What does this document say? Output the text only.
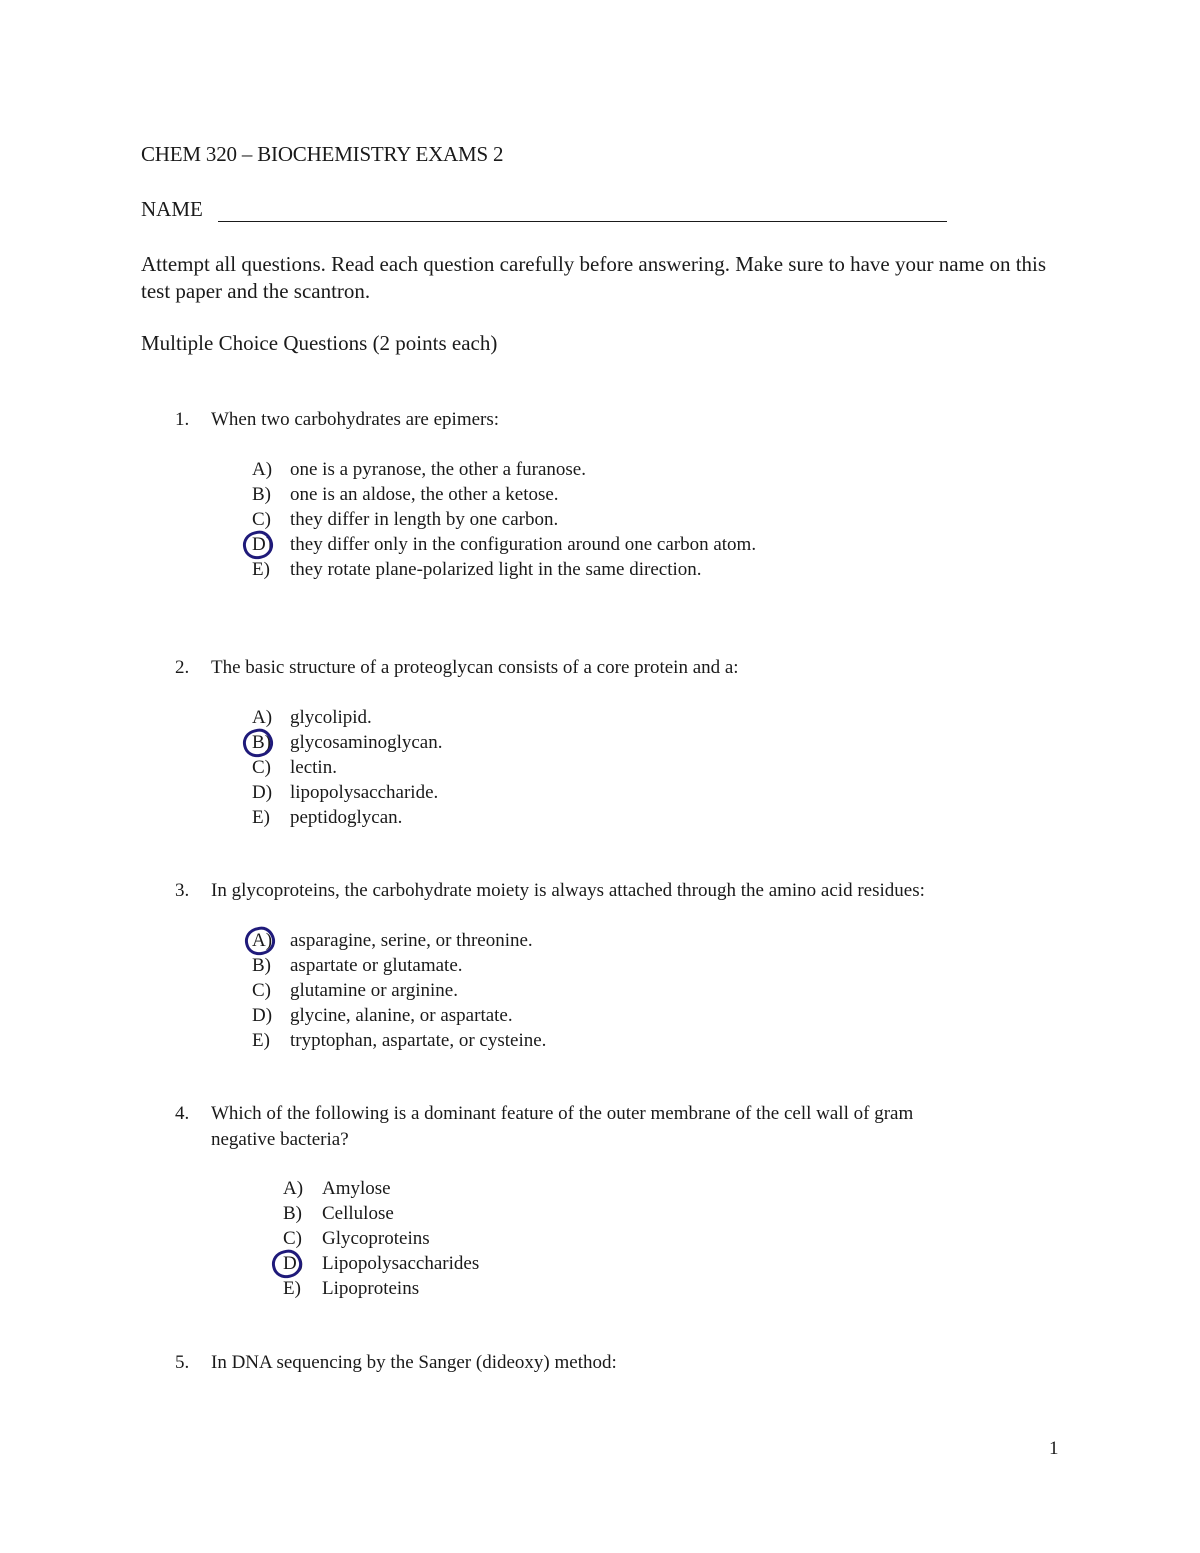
CHEM 320 – BIOCHEMISTRY EXAMS 2
NAME
Attempt all questions. Read each question carefully before answering. Make sure to have your name on this test paper and the scantron.
Multiple Choice Questions (2 points each)
1. When two carbohydrates are epimers:
A) one is a pyranose, the other a furanose.
B) one is an aldose, the other a ketose.
C) they differ in length by one carbon.
D) they differ only in the configuration around one carbon atom.
E) they rotate plane-polarized light in the same direction.
2. The basic structure of a proteoglycan consists of a core protein and a:
A) glycolipid.
B) glycosaminoglycan.
C) lectin.
D) lipopolysaccharide.
E) peptidoglycan.
3. In glycoproteins, the carbohydrate moiety is always attached through the amino acid residues:
A) asparagine, serine, or threonine.
B) aspartate or glutamate.
C) glutamine or arginine.
D) glycine, alanine, or aspartate.
E) tryptophan, aspartate, or cysteine.
4. Which of the following is a dominant feature of the outer membrane of the cell wall of gram
negative bacteria?
A) Amylose
B) Cellulose
C) Glycoproteins
D) Lipopolysaccharides
E) Lipoproteins
5. In DNA sequencing by the Sanger (dideoxy) method:
1
